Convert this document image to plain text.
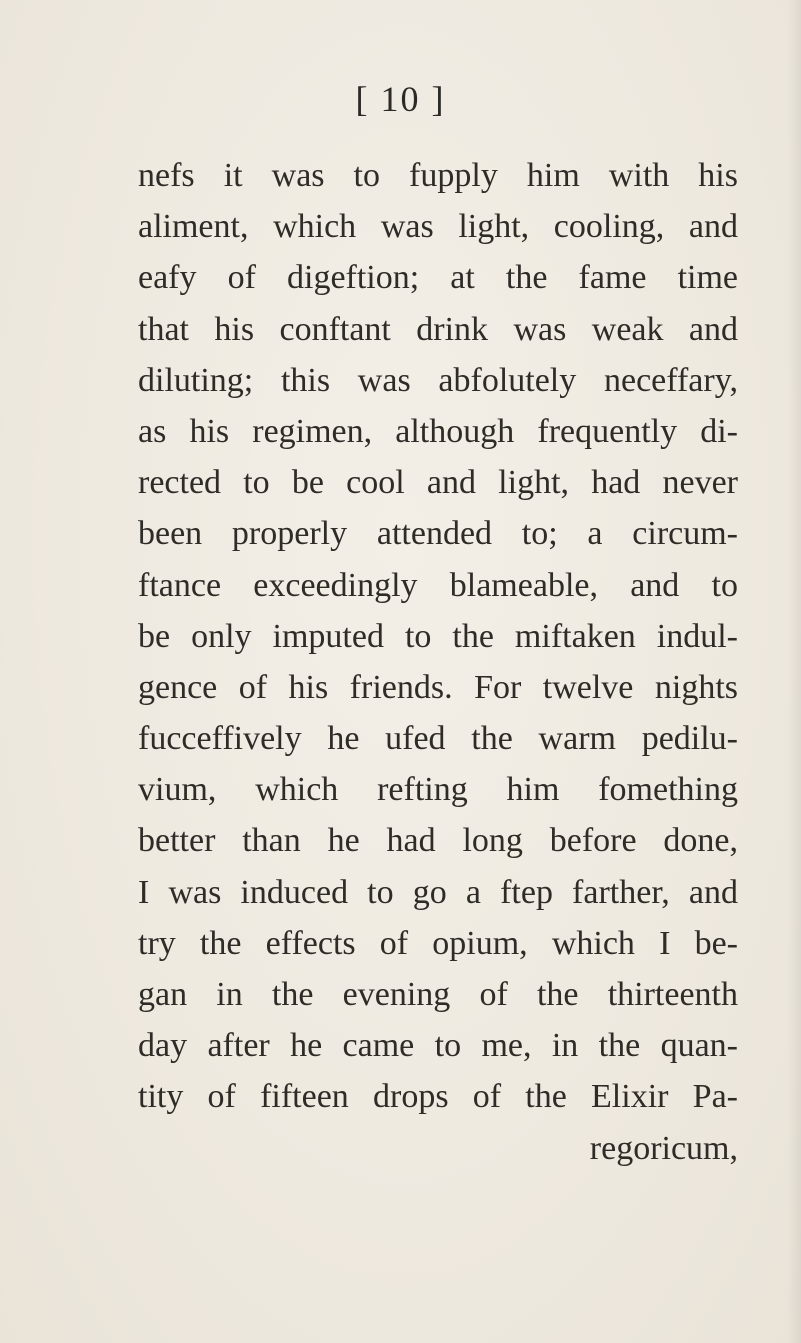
[ 10 ]
nefs it was to fupply him with his
aliment, which was light, cooling, and
eafy of digeftion; at the fame time
that his conftant drink was weak and
diluting; this was abfolutely neceffary,
as his regimen, although frequently di-
rected to be cool and light, had never
been properly attended to; a circum-
ftance exceedingly blameable, and to
be only imputed to the miftaken indul-
gence of his friends. For twelve nights
fucceffively he ufed the warm pedilu-
vium, which refting him fomething
better than he had long before done,
I was induced to go a ftep farther, and
try the effects of opium, which I be-
gan in the evening of the thirteenth
day after he came to me, in the quan-
tity of fifteen drops of the Elixir Pa-
regoricum,
